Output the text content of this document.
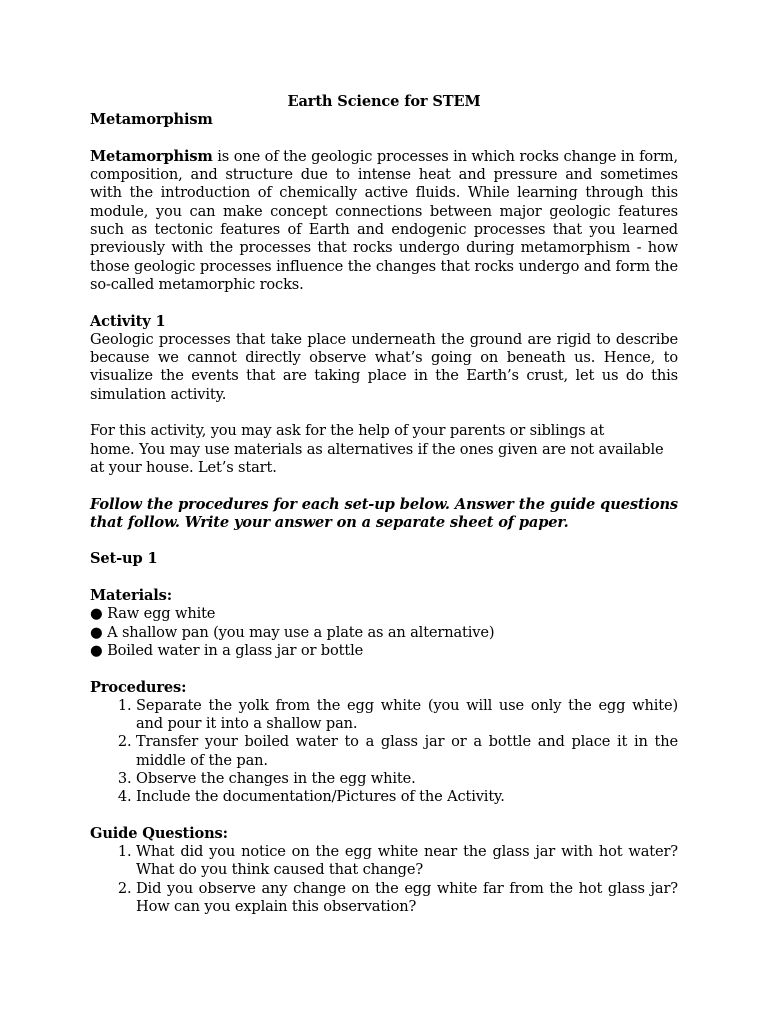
Earth Science for STEM

Metamorphism

Metamorphism is one of the geologic processes in which rocks change in form, composition, and structure due to intense heat and pressure and sometimes with the introduction of chemically active fluids. While learning through this module, you can make concept connections between major geologic features such as tectonic features of Earth and endogenic processes that you learned previously with the processes that rocks undergo during metamorphism - how those geologic processes influence the changes that rocks undergo and form the so-called metamorphic rocks.

Activity 1

Geologic processes that take place underneath the ground are rigid to describe because we cannot directly observe what’s going on beneath us. Hence, to visualize the events that are taking place in the Earth’s crust, let us do this simulation activity.

For this activity, you may ask for the help of your parents or siblings at

home. You may use materials as alternatives if the ones given are not available at your house. Let’s start.

Follow the procedures for each set-up below. Answer the guide questions that follow. Write your answer on a separate sheet of paper.

Set-up 1

Materials:

● Raw egg white
● A shallow pan (you may use a plate as an alternative)
● Boiled water in a glass jar or bottle

Procedures:

1. Separate the yolk from the egg white (you will use only the egg white) and pour it into a shallow pan.
2. Transfer your boiled water to a glass jar or a bottle and place it in the middle of the pan.
3. Observe the changes in the egg white.
4. Include the documentation/Pictures of the Activity.

Guide Questions:

1. What did you notice on the egg white near the glass jar with hot water? What do you think caused that change?
2. Did you observe any change on the egg white far from the hot glass jar? How can you explain this observation?
